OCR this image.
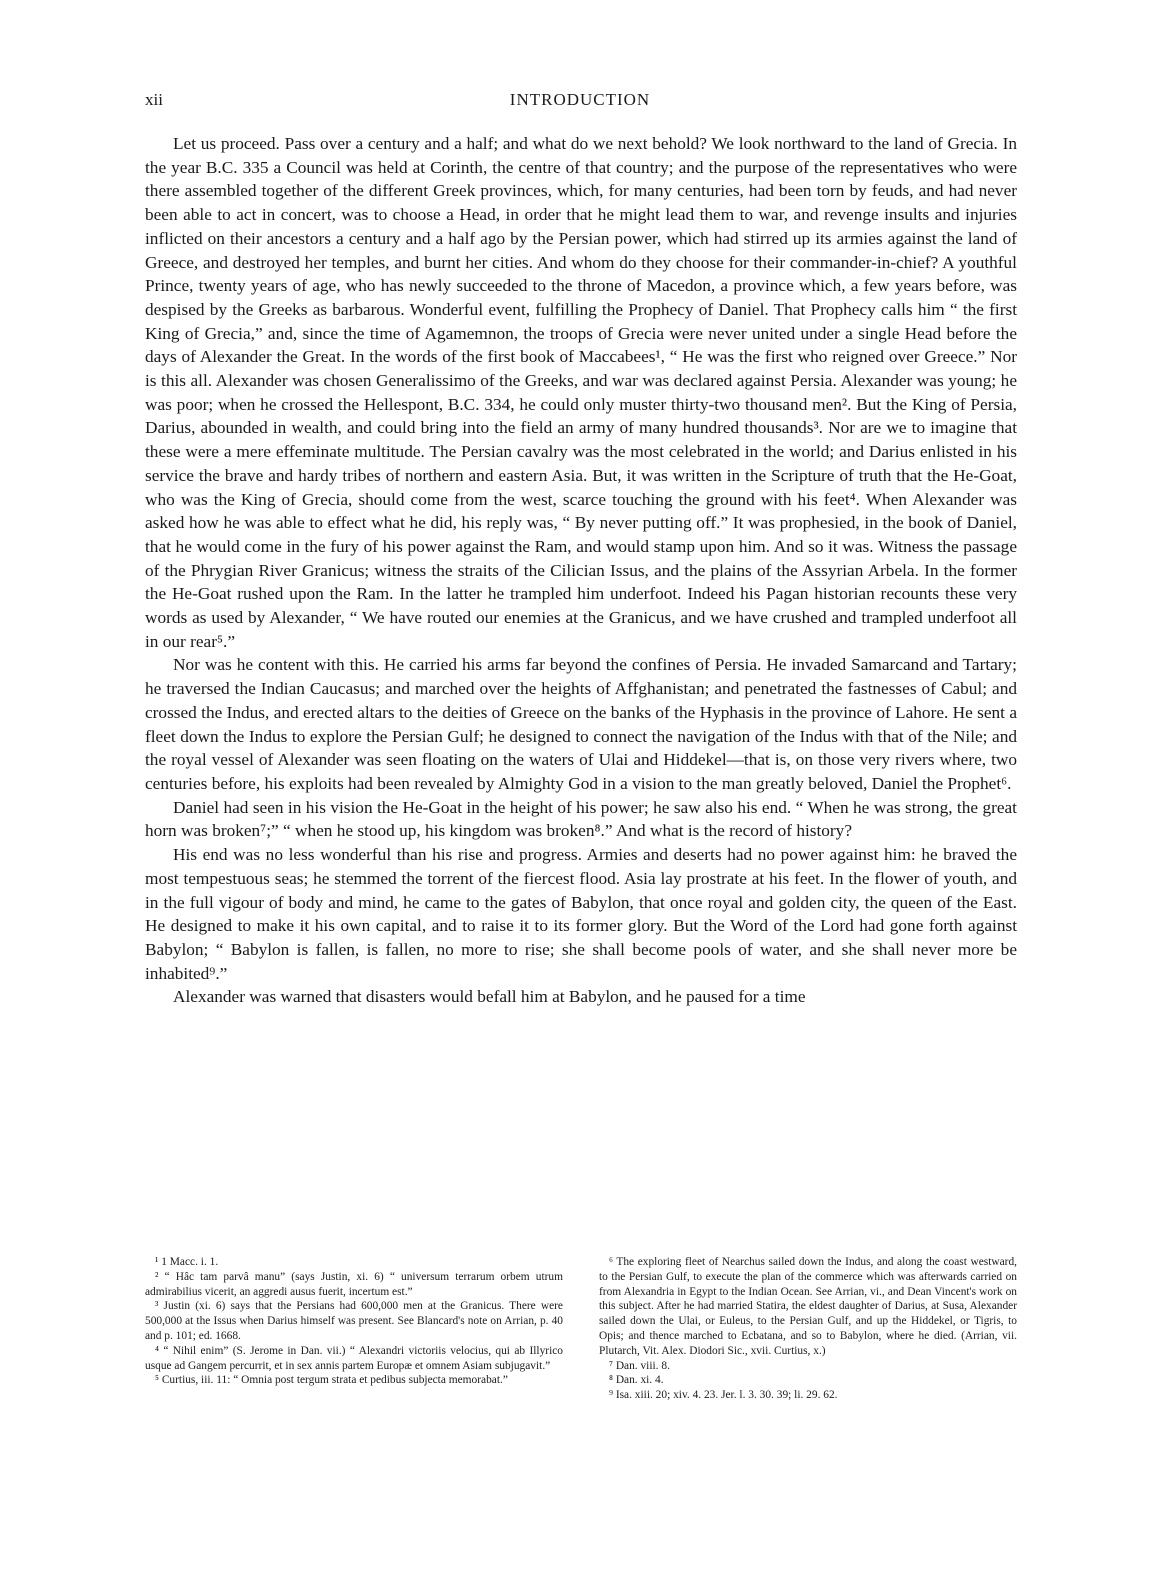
xii	INTRODUCTION

Let us proceed. Pass over a century and a half; and what do we next behold? We look northward to the land of Grecia. In the year B.C. 335 a Council was held at Corinth, the centre of that country; and the purpose of the representatives who were there assembled together of the different Greek provinces, which, for many centuries, had been torn by feuds, and had never been able to act in concert, was to choose a Head, in order that he might lead them to war, and revenge insults and injuries inflicted on their ancestors a century and a half ago by the Persian power, which had stirred up its armies against the land of Greece, and destroyed her temples, and burnt her cities. And whom do they choose for their commander-in-chief? A youthful Prince, twenty years of age, who has newly succeeded to the throne of Macedon, a province which, a few years before, was despised by the Greeks as barbarous. Wonderful event, fulfilling the Prophecy of Daniel. That Prophecy calls him “ the first King of Grecia,” and, since the time of Agamemnon, the troops of Grecia were never united under a single Head before the days of Alexander the Great. In the words of the first book of Maccabees¹, “ He was the first who reigned over Greece.” Nor is this all. Alexander was chosen Generalissimo of the Greeks, and war was declared against Persia. Alexander was young; he was poor; when he crossed the Hellespont, B.C. 334, he could only muster thirty-two thousand men². But the King of Persia, Darius, abounded in wealth, and could bring into the field an army of many hundred thousands³. Nor are we to imagine that these were a mere effeminate multitude. The Persian cavalry was the most celebrated in the world; and Darius enlisted in his service the brave and hardy tribes of northern and eastern Asia. But, it was written in the Scripture of truth that the He-Goat, who was the King of Grecia, should come from the west, scarce touching the ground with his feet⁴. When Alexander was asked how he was able to effect what he did, his reply was, “ By never putting off.” It was prophesied, in the book of Daniel, that he would come in the fury of his power against the Ram, and would stamp upon him. And so it was. Witness the passage of the Phrygian River Granicus; witness the straits of the Cilician Issus, and the plains of the Assyrian Arbela. In the former the He-Goat rushed upon the Ram. In the latter he trampled him underfoot. Indeed his Pagan historian recounts these very words as used by Alexander, “ We have routed our enemies at the Granicus, and we have crushed and trampled underfoot all in our rear⁵.”

Nor was he content with this. He carried his arms far beyond the confines of Persia. He invaded Samarcand and Tartary; he traversed the Indian Caucasus; and marched over the heights of Affghanistan; and penetrated the fastnesses of Cabul; and crossed the Indus, and erected altars to the deities of Greece on the banks of the Hyphasis in the province of Lahore. He sent a fleet down the Indus to explore the Persian Gulf; he designed to connect the navigation of the Indus with that of the Nile; and the royal vessel of Alexander was seen floating on the waters of Ulai and Hiddekel—that is, on those very rivers where, two centuries before, his exploits had been revealed by Almighty God in a vision to the man greatly beloved, Daniel the Prophet⁶.

Daniel had seen in his vision the He-Goat in the height of his power; he saw also his end. “ When he was strong, the great horn was broken⁷;” “ when he stood up, his kingdom was broken⁸.” And what is the record of history?

His end was no less wonderful than his rise and progress. Armies and deserts had no power against him: he braved the most tempestuous seas; he stemmed the torrent of the fiercest flood. Asia lay prostrate at his feet. In the flower of youth, and in the full vigour of body and mind, he came to the gates of Babylon, that once royal and golden city, the queen of the East. He designed to make it his own capital, and to raise it to its former glory. But the Word of the Lord had gone forth against Babylon; “ Babylon is fallen, is fallen, no more to rise; she shall become pools of water, and she shall never more be inhabited⁹.”

Alexander was warned that disasters would befall him at Babylon, and he paused for a time

¹ 1 Macc. i. 1.

² “ Hâc tam parvâ manu” (says Justin, xi. 6) “ universum terrarum orbem utrum admirabilius vicerit, an aggredi ausus fuerit, incertum est.”

³ Justin (xi. 6) says that the Persians had 600,000 men at the Granicus. There were 500,000 at the Issus when Darius himself was present. See Blancard's note on Arrian, p. 40 and p. 101; ed. 1668.

⁴ “ Nihil enim” (S. Jerome in Dan. vii.) “ Alexandri victoriis velocius, qui ab Illyrico usque ad Gangem percurrit, et in sex annis partem Europæ et omnem Asiam subjugavit.”

⁵ Curtius, iii. 11: “ Omnia post tergum strata et pedibus subjecta memorabat.”

⁶ The exploring fleet of Nearchus sailed down the Indus, and along the coast westward, to the Persian Gulf, to execute the plan of the commerce which was afterwards carried on from Alexandria in Egypt to the Indian Ocean. See Arrian, vi., and Dean Vincent's work on this subject. After he had married Statira, the eldest daughter of Darius, at Susa, Alexander sailed down the Ulai, or Euleus, to the Persian Gulf, and up the Hiddekel, or Tigris, to Opis; and thence marched to Ecbatana, and so to Babylon, where he died. (Arrian, vii. Plutarch, Vit. Alex. Diodori Sic., xvii. Curtius, x.)

⁷ Dan. viii. 8.

⁸ Dan. xi. 4.

⁹ Isa. xiii. 20; xiv. 4. 23. Jer. l. 3. 30. 39; li. 29. 62.
